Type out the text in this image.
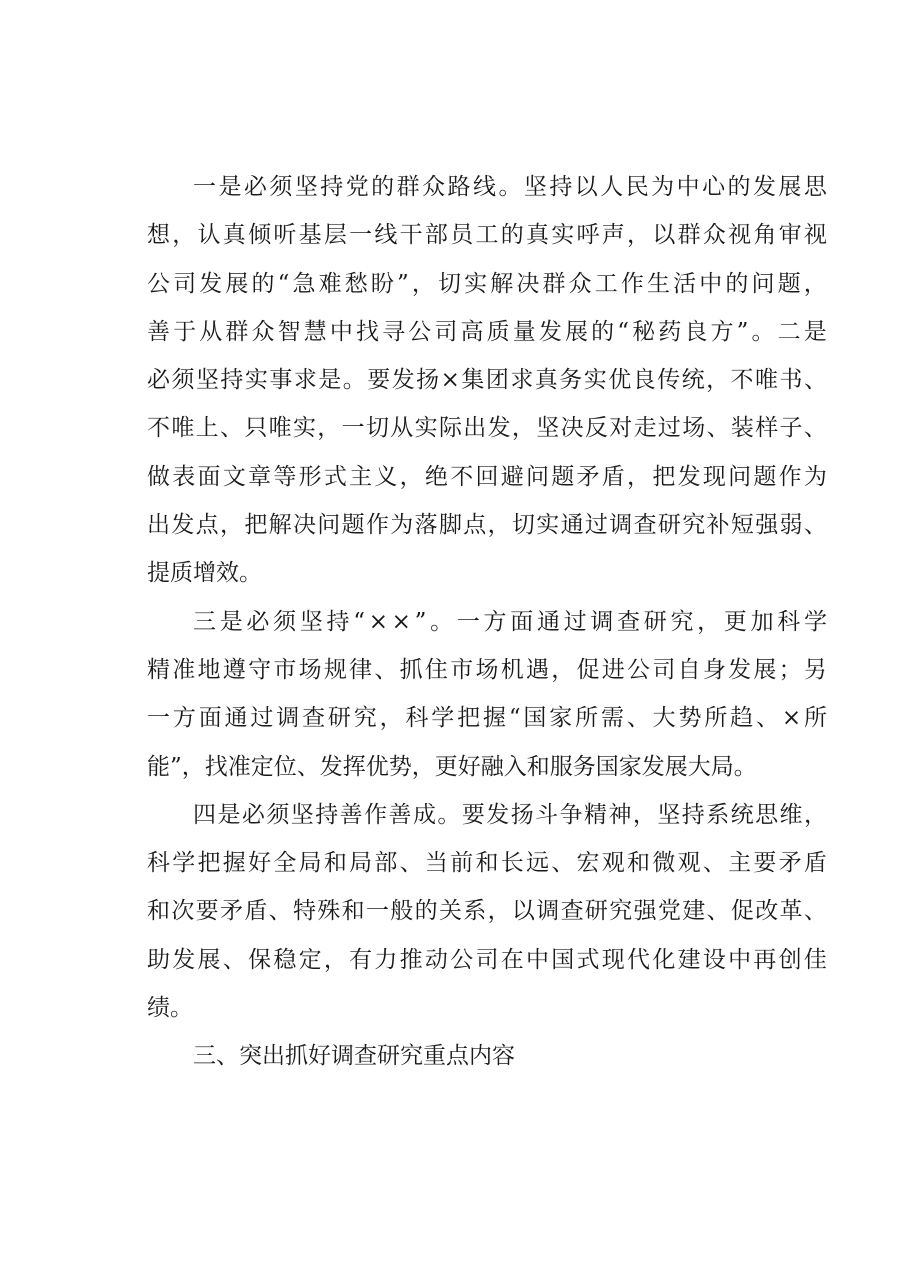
一 是 必 须 坚 持 党 的 群 众 路 线 。 坚 持 以 人 民 为 中 心 的 发 展 思
想 ， 认 真 倾 听 基 层 一 线 干 部 员 工 的 真 实 呼 声 ， 以 群 众 视 角 审 视
公 司 发 展 的 “ 急 难 愁 盼 ” ， 切 实 解 决 群 众 工 作 生 活 中 的 问 题 ，
善 于 从 群 众 智 慧 中 找 寻 公 司 高 质 量 发 展 的 “ 秘 药 良 方 ” 。 二 是
必 须 坚 持 实 事 求 是 。 要 发 扬 × 集 团 求 真 务 实 优 良 传 统 ， 不 唯 书 、
不 唯 上 、 只 唯 实 ， 一 切 从 实 际 出 发 ， 坚 决 反 对 走 过 场 、 装 样 子 、
做 表 面 文 章 等 形 式 主 义 ， 绝 不 回 避 问 题 矛 盾 ， 把 发 现 问 题 作 为
出 发 点 ， 把 解 决 问 题 作 为 落 脚 点 ， 切 实 通 过 调 查 研 究 补 短 强 弱 、
提质增效。
三 是 必 须 坚 持 “ × × ” 。 一 方 面 通 过 调 查 研 究 ， 更 加 科 学
精 准 地 遵 守 市 场 规 律 、 抓 住 市 场 机 遇 ， 促 进 公 司 自 身 发 展 ； 另
一 方 面 通 过 调 查 研 究 ， 科 学 把 握 “ 国 家 所 需 、 大 势 所 趋 、 × 所
能”，找准定位、发挥优势，更好融入和服务国家发展大局。
四 是 必 须 坚 持 善 作 善 成 。 要 发 扬 斗 争 精 神 ， 坚 持 系 统 思 维 ，
科 学 把 握 好 全 局 和 局 部 、 当 前 和 长 远 、 宏 观 和 微 观 、 主 要 矛 盾
和 次 要 矛 盾 、 特 殊 和 一 般 的 关 系 ， 以 调 查 研 究 强 党 建 、 促 改 革 、
助 发 展 、 保 稳 定 ， 有 力 推 动 公 司 在 中 国 式 现 代 化 建 设 中 再 创 佳
绩。
三、突出抓好调查研究重点内容
